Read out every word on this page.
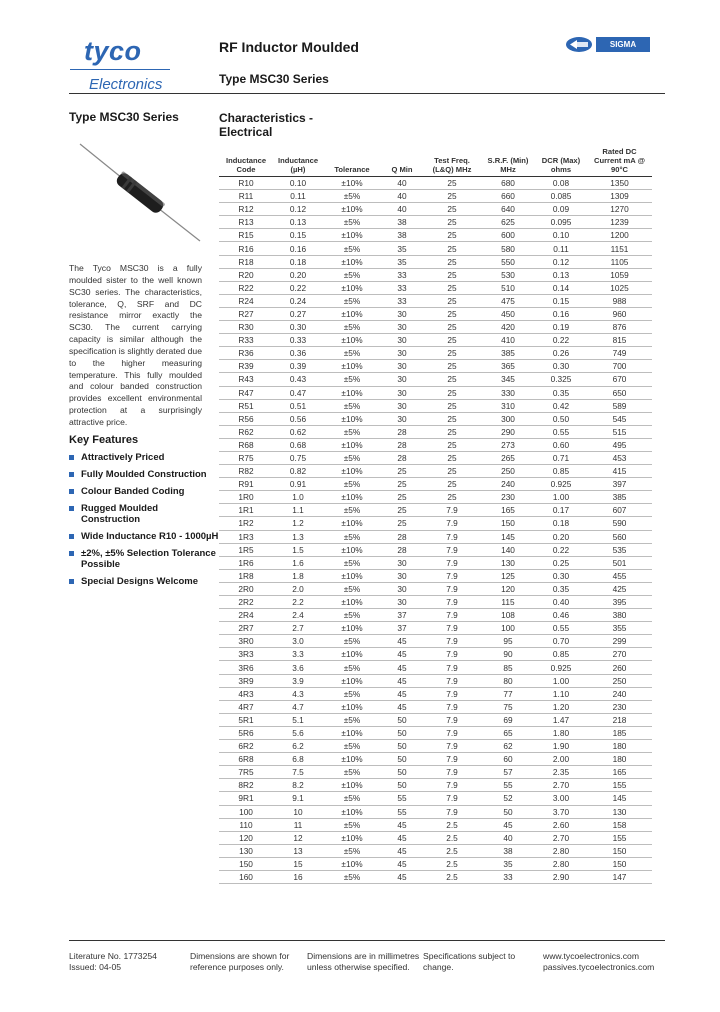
tyco
Electronics
RF Inductor Moulded
Type MSC30 Series
SIGMA
Type MSC30 Series
The Tyco MSC30 is a fully moulded sister to the well known SC30 series. The characteristics, tolerance, Q, SRF and DC resistance mirror exactly the SC30. The current carrying capacity is similar although the specification is slightly derated due to the higher measuring temperature. This fully moulded and colour banded construction provides excellent environmental protection at a surprisingly attractive price.
Key Features
Attractively Priced
Fully Moulded Construction
Colour Banded Coding
Rugged Moulded Construction
Wide Inductance R10 - 1000µH
±2%, ±5% Selection Tolerance Possible
Special Designs Welcome
Characteristics -
Electrical
Inductance Code	Inductance (µH)	Tolerance	Q Min	Test Freq. (L&Q) MHz	S.R.F. (Min) MHz	DCR (Max) ohms	Rated DC Current mA @ 90°C
R10	0.10	±10%	40	25	680	0.08	1350
R11	0.11	±5%	40	25	660	0.085	1309
R12	0.12	±10%	40	25	640	0.09	1270
R13	0.13	±5%	38	25	625	0.095	1239
R15	0.15	±10%	38	25	600	0.10	1200
R16	0.16	±5%	35	25	580	0.11	1151
R18	0.18	±10%	35	25	550	0.12	1105
R20	0.20	±5%	33	25	530	0.13	1059
R22	0.22	±10%	33	25	510	0.14	1025
R24	0.24	±5%	33	25	475	0.15	988
R27	0.27	±10%	30	25	450	0.16	960
R30	0.30	±5%	30	25	420	0.19	876
R33	0.33	±10%	30	25	410	0.22	815
R36	0.36	±5%	30	25	385	0.26	749
R39	0.39	±10%	30	25	365	0.30	700
R43	0.43	±5%	30	25	345	0.325	670
R47	0.47	±10%	30	25	330	0.35	650
R51	0.51	±5%	30	25	310	0.42	589
R56	0.56	±10%	30	25	300	0.50	545
R62	0.62	±5%	28	25	290	0.55	515
R68	0.68	±10%	28	25	273	0.60	495
R75	0.75	±5%	28	25	265	0.71	453
R82	0.82	±10%	25	25	250	0.85	415
R91	0.91	±5%	25	25	240	0.925	397
1R0	1.0	±10%	25	25	230	1.00	385
1R1	1.1	±5%	25	7.9	165	0.17	607
1R2	1.2	±10%	25	7.9	150	0.18	590
1R3	1.3	±5%	28	7.9	145	0.20	560
1R5	1.5	±10%	28	7.9	140	0.22	535
1R6	1.6	±5%	30	7.9	130	0.25	501
1R8	1.8	±10%	30	7.9	125	0.30	455
2R0	2.0	±5%	30	7.9	120	0.35	425
2R2	2.2	±10%	30	7.9	115	0.40	395
2R4	2.4	±5%	37	7.9	108	0.46	380
2R7	2.7	±10%	37	7.9	100	0.55	355
3R0	3.0	±5%	45	7.9	95	0.70	299
3R3	3.3	±10%	45	7.9	90	0.85	270
3R6	3.6	±5%	45	7.9	85	0.925	260
3R9	3.9	±10%	45	7.9	80	1.00	250
4R3	4.3	±5%	45	7.9	77	1.10	240
4R7	4.7	±10%	45	7.9	75	1.20	230
5R1	5.1	±5%	50	7.9	69	1.47	218
5R6	5.6	±10%	50	7.9	65	1.80	185
6R2	6.2	±5%	50	7.9	62	1.90	180
6R8	6.8	±10%	50	7.9	60	2.00	180
7R5	7.5	±5%	50	7.9	57	2.35	165
8R2	8.2	±10%	50	7.9	55	2.70	155
9R1	9.1	±5%	55	7.9	52	3.00	145
100	10	±10%	55	7.9	50	3.70	130
110	11	±5%	45	2.5	45	2.60	158
120	12	±10%	45	2.5	40	2.70	155
130	13	±5%	45	2.5	38	2.80	150
150	15	±10%	45	2.5	35	2.80	150
160	16	±5%	45	2.5	33	2.90	147
Literature No. 1773254
Issued: 04-05
Dimensions are shown for
reference purposes only.
Dimensions are in millimetres
unless otherwise specified.
Specifications subject to
change.
www.tycoelectronics.com
passives.tycoelectronics.com
